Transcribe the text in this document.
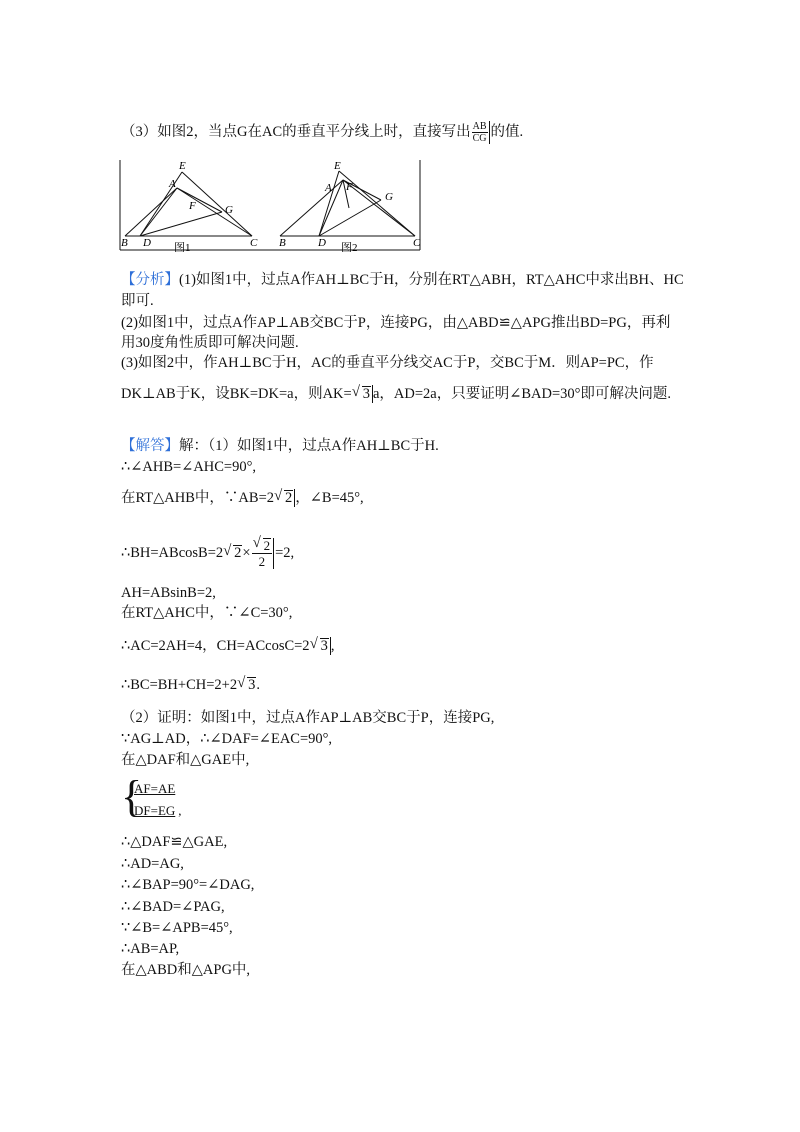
（3）如图2，当点G在AC的垂直平分线上时，直接写出 $\frac{AB}{CG}$ 的值.
E
A
F	G
B D	C
图1
E
A F
G
B	D	C
图2
【分析】(1)如图1中，过点A作AH⊥BC于H，分别在RT△ABH，RT△AHC中求出BH、HC
即可.
(2)如图1中，过点A作AP⊥AB交BC于P，连接PG，由△ABD≌△APG推出BD=PG，再利
用30度角性质即可解决问题.
(3)如图2中，作AH⊥BC于H，AC的垂直平分线交AC于P，交BC于M．则AP=PC，作
DK⊥AB于K，设BK=DK=a，则AK= √ 3 a，AD=2a，只要证明∠BAD=30°即可解决问题.
【解答】解：（1）如图1中，过点A作AH⊥BC于H.
∴∠AHB=∠AHC=90°,
在RT△AHB中，∵AB=2 √ 2 ，∠B=45°,
∴BH=ABcosB=2 √ 2× √ $\frac{2}{2} =2$,
AH=ABsinB=2,
在RT△AHC中，∵∠C=30°,
∴AC=2AH=4，CH=ACcosC=2 √ 3 ,
∴BC=BH+CH=2+2 √ 3.
（2）证明：如图1中，过点A作AP⊥AB交BC于P，连接PG,
∵AG⊥AD，∴∠DAF=∠EAC=90°,
在△DAF和△GAE中,
{
AF=AE
DF=EG ,
∴△DAF≌△GAE,
∴AD=AG,
∴∠BAP=90°=∠DAG,
∴∠BAD=∠PAG,
∵∠B=∠APB=45°,
∴AB=AP,
在△ABD和△APG中,
